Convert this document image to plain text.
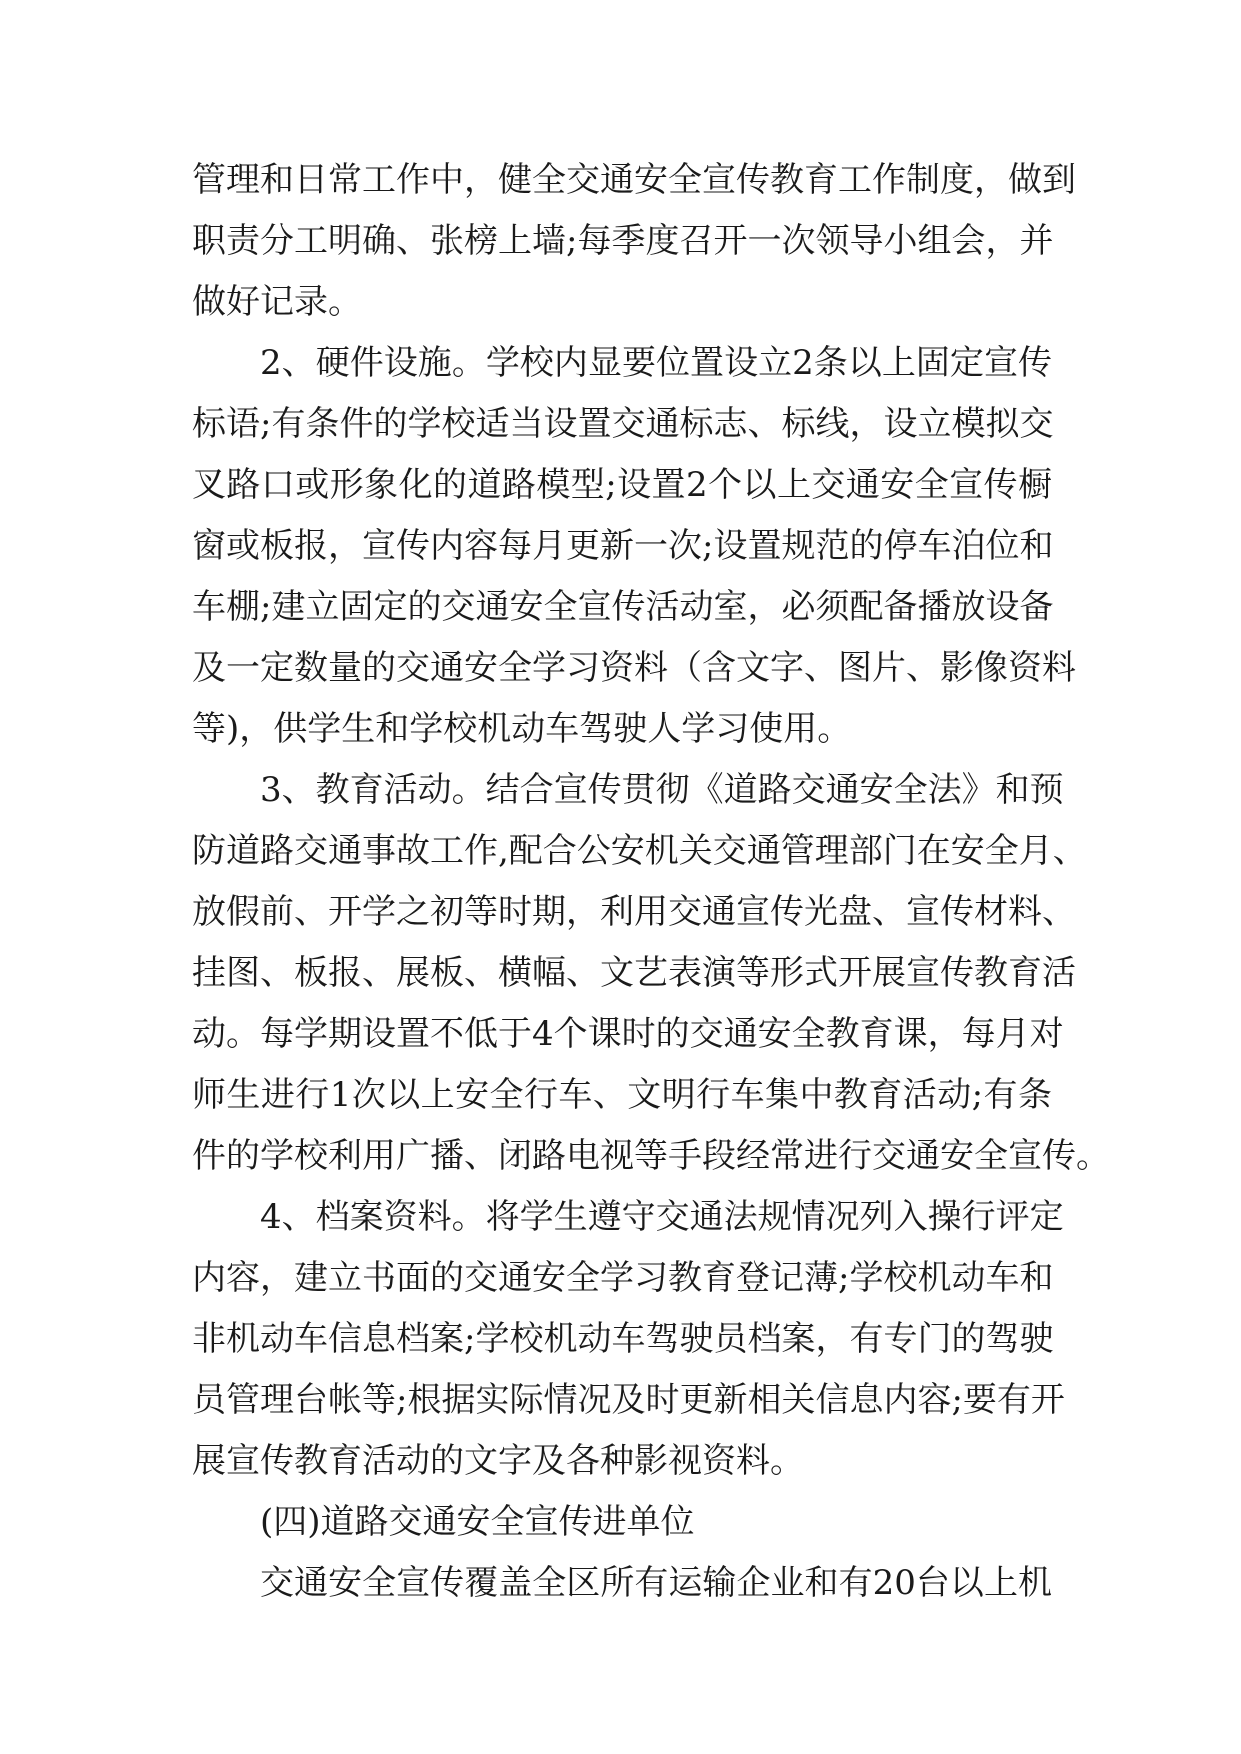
管理和日常工作中，健全交通安全宣传教育工作制度，做到
职责分工明确、张榜上墙;每季度召开一次领导小组会，并
做好记录。
2、硬件设施。学校内显要位置设立2条以上固定宣传
标语;有条件的学校适当设置交通标志、标线，设立模拟交
叉路口或形象化的道路模型;设置2个以上交通安全宣传橱
窗或板报，宣传内容每月更新一次;设置规范的停车泊位和
车棚;建立固定的交通安全宣传活动室，必须配备播放设备
及一定数量的交通安全学习资料（含文字、图片、影像资料
等)，供学生和学校机动车驾驶人学习使用。
3、教育活动。结合宣传贯彻《道路交通安全法》和预
防道路交通事故工作,配合公安机关交通管理部门在安全月、
放假前、开学之初等时期，利用交通宣传光盘、宣传材料、
挂图、板报、展板、横幅、文艺表演等形式开展宣传教育活
动。每学期设置不低于4个课时的交通安全教育课，每月对
师生进行1次以上安全行车、文明行车集中教育活动;有条
件的学校利用广播、闭路电视等手段经常进行交通安全宣传。
4、档案资料。将学生遵守交通法规情况列入操行评定
内容，建立书面的交通安全学习教育登记薄;学校机动车和
非机动车信息档案;学校机动车驾驶员档案，有专门的驾驶
员管理台帐等;根据实际情况及时更新相关信息内容;要有开
展宣传教育活动的文字及各种影视资料。
(四)道路交通安全宣传进单位
交通安全宣传覆盖全区所有运输企业和有20台以上机
